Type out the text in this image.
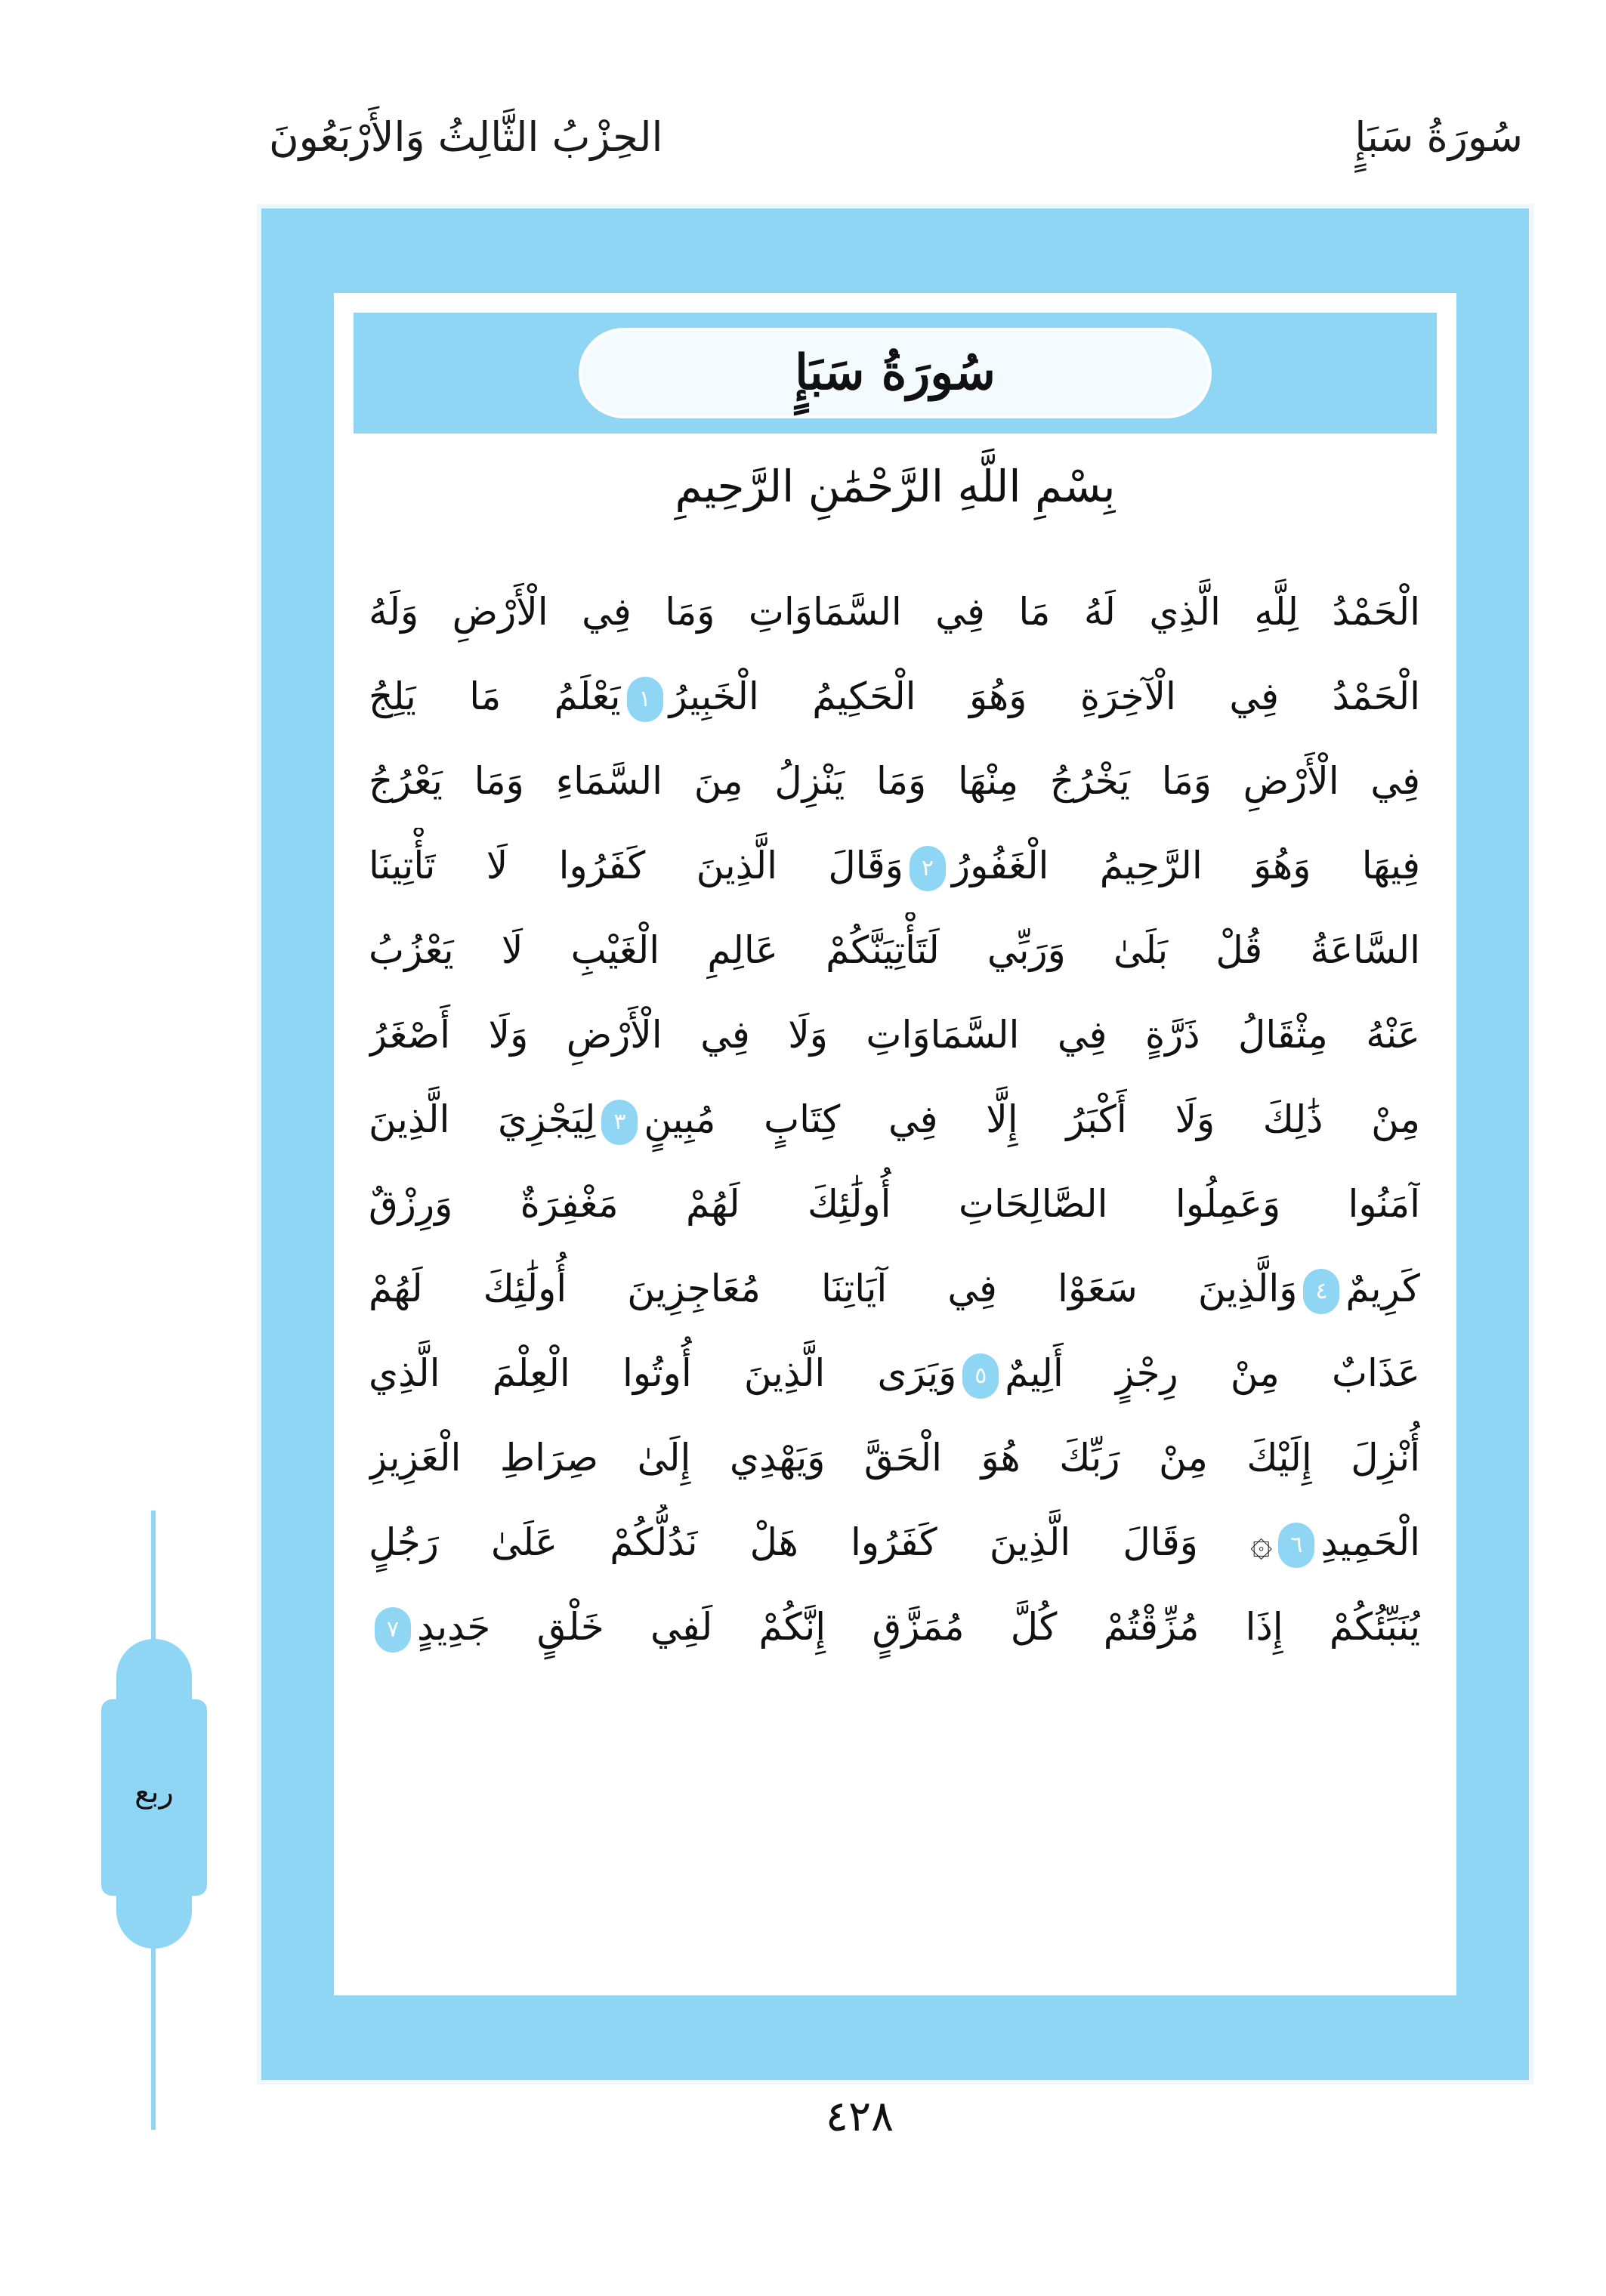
سُورَةُ سَبَإٍ
الحِزْبُ الثَّالِثُ وَالأَرْبَعُونَ
سُورَةُ سَبَإٍ
بِسْمِ اللَّهِ الرَّحْمَٰنِ الرَّحِيمِ
الْحَمْدُ لِلَّهِ الَّذِي لَهُ مَا فِي السَّمَاوَاتِ وَمَا فِي الْأَرْضِ وَلَهُ
الْحَمْدُ فِي الْآخِرَةِ وَهُوَ الْحَكِيمُ الْخَبِيرُ١يَعْلَمُ مَا يَلِجُ
فِي الْأَرْضِ وَمَا يَخْرُجُ مِنْهَا وَمَا يَنْزِلُ مِنَ السَّمَاءِ وَمَا يَعْرُجُ
فِيهَا وَهُوَ الرَّحِيمُ الْغَفُورُ٢وَقَالَ الَّذِينَ كَفَرُوا لَا تَأْتِينَا
السَّاعَةُ قُلْ بَلَىٰ وَرَبِّي لَتَأْتِيَنَّكُمْ عَالِمِ الْغَيْبِ لَا يَعْزُبُ
عَنْهُ مِثْقَالُ ذَرَّةٍ فِي السَّمَاوَاتِ وَلَا فِي الْأَرْضِ وَلَا أَصْغَرُ
مِنْ ذَٰلِكَ وَلَا أَكْبَرُ إِلَّا فِي كِتَابٍ مُبِينٍ٣لِيَجْزِيَ الَّذِينَ
آمَنُوا وَعَمِلُوا الصَّالِحَاتِ أُولَٰئِكَ لَهُمْ مَغْفِرَةٌ وَرِزْقٌ
كَرِيمٌ٤وَالَّذِينَ سَعَوْا فِي آيَاتِنَا مُعَاجِزِينَ أُولَٰئِكَ لَهُمْ
عَذَابٌ مِنْ رِجْزٍ أَلِيمٌ٥وَيَرَى الَّذِينَ أُوتُوا الْعِلْمَ الَّذِي
أُنْزِلَ إِلَيْكَ مِنْ رَبِّكَ هُوَ الْحَقَّ وَيَهْدِي إِلَىٰ صِرَاطِ الْعَزِيزِ
الْحَمِيدِ٦۞ وَقَالَ الَّذِينَ كَفَرُوا هَلْ نَدُلُّكُمْ عَلَىٰ رَجُلٍ
يُنَبِّئُكُمْ إِذَا مُزِّقْتُمْ كُلَّ مُمَزَّقٍ إِنَّكُمْ لَفِي خَلْقٍ جَدِيدٍ٧
٤٢٨
ربع
